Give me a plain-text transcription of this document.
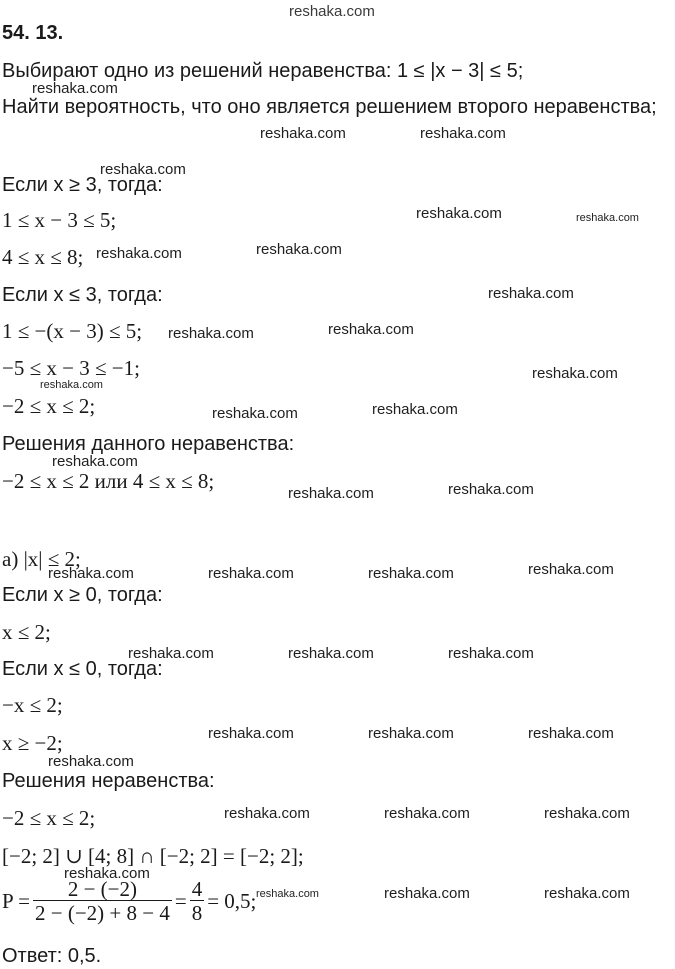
reshaka.com
54. 13.
Выбирают одно из решений неравенства: 1 ≤ |x − 3| ≤ 5;
Найти вероятность, что оно является решением второго неравенства;
Если x ≥ 3, тогда:
1 ≤ x − 3 ≤ 5;
4 ≤ x ≤ 8;
Если x ≤ 3, тогда:
1 ≤ −(x − 3) ≤ 5;
−5 ≤ x − 3 ≤ −1;
−2 ≤ x ≤ 2;
Решения данного неравенства:
−2 ≤ x ≤ 2 или 4 ≤ x ≤ 8;
а) |x| ≤ 2;
Если x ≥ 0, тогда:
x ≤ 2;
Если x ≤ 0, тогда:
−x ≤ 2;
x ≥ −2;
Решения неравенства:
−2 ≤ x ≤ 2;
[−2; 2] ∪ [4; 8] ∩ [−2; 2] = [−2; 2];
$P = \frac{2 - (-2)}{2 - (-2) + 8 - 4} = \frac{4}{8} = 0,5$;
Ответ: 0,5.
reshaka.com
reshaka.com	reshaka.com
reshaka.com
reshaka.com	reshaka.com
reshaka.com	reshaka.com
reshaka.com
reshaka.com	reshaka.com
reshaka.com
reshaka.com
reshaka.com	reshaka.com
reshaka.com
reshaka.com	reshaka.com
reshaka.com	reshaka.com	reshaka.com	reshaka.com
reshaka.com	reshaka.com	reshaka.com
reshaka.com	reshaka.com	reshaka.com
reshaka.com
reshaka.com	reshaka.com	reshaka.com
reshaka.com
reshaka.com	reshaka.com	reshaka.com
